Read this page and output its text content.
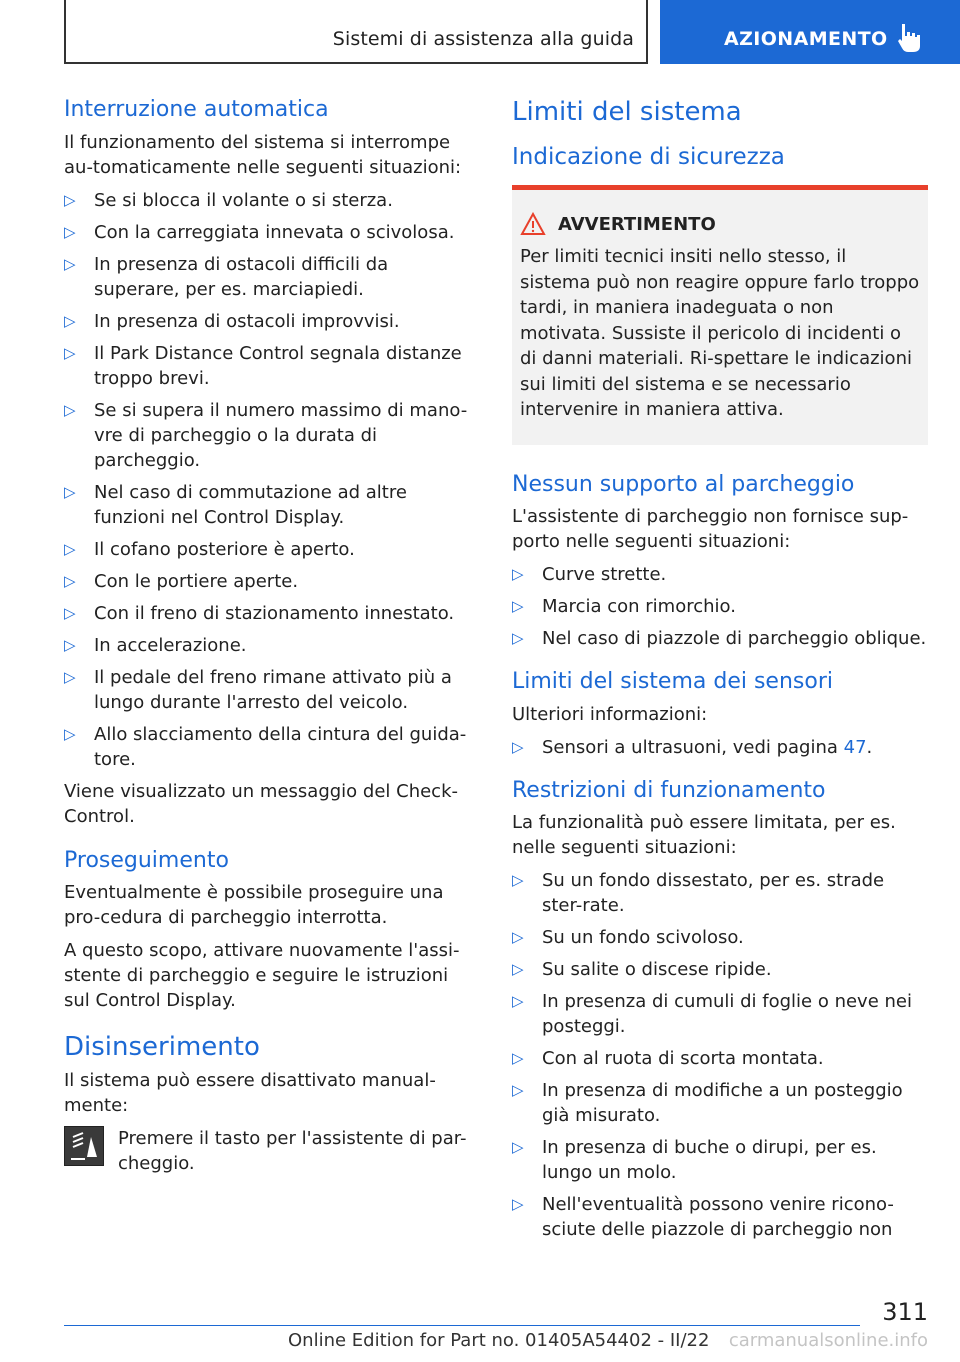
Sistemi di assistenza alla guida	AZIONAMENTO
Interruzione automatica

Il funzionamento del sistema si interrompe au-tomaticamente nelle seguenti situazioni:

▷ Se si blocca il volante o si sterza.
▷ Con la carreggiata innevata o scivolosa.
▷ In presenza di ostacoli difficili da superare, per es. marciapiedi.
▷ In presenza di ostacoli improvvisi.
▷ Il Park Distance Control segnala distanze troppo brevi.
▷ Se si supera il numero massimo di mano-vre di parcheggio o la durata di parcheggio.
▷ Nel caso di commutazione ad altre funzioni nel Control Display.
▷ Il cofano posteriore è aperto.
▷ Con le portiere aperte.
▷ Con il freno di stazionamento innestato.
▷ In accelerazione.
▷ Il pedale del freno rimane attivato più a lungo durante l'arresto del veicolo.
▷ Allo slacciamento della cintura del guida-tore.

Viene visualizzato un messaggio del Check-Control.

Proseguimento

Eventualmente è possibile proseguire una pro-cedura di parcheggio interrotta.

A questo scopo, attivare nuovamente l'assi-stente di parcheggio e seguire le istruzioni sul Control Display.

Disinserimento

Il sistema può essere disattivato manual-mente:

Premere il tasto per l'assistente di par-cheggio.

Limiti del sistema
Indicazione di sicurezza
AVVERTIMENTO

Per limiti tecnici insiti nello stesso, il sistema può non reagire oppure farlo troppo tardi, in maniera inadeguata o non motivata. Sussiste il pericolo di incidenti o di danni materiali. Ri-spettare le indicazioni sui limiti del sistema e se necessario intervenire in maniera attiva.

Nessun supporto al parcheggio

L'assistente di parcheggio non fornisce sup-porto nelle seguenti situazioni:

▷ Curve strette.
▷ Marcia con rimorchio.
▷ Nel caso di piazzole di parcheggio oblique.
Limiti del sistema dei sensori

Ulteriori informazioni:

▷ Sensori a ultrasuoni, vedi pagina 47.
Restrizioni di funzionamento

La funzionalità può essere limitata, per es. nelle seguenti situazioni:

▷ Su un fondo dissestato, per es. strade ster-rate.
▷ Su un fondo scivoloso.
▷ Su salite o discese ripide.
▷ In presenza di cumuli di foglie o neve nei posteggi.
▷ Con al ruota di scorta montata.
▷ In presenza di modifiche a un posteggio già misurato.
▷ In presenza di buche o dirupi, per es. lungo un molo.
▷ Nell'eventualità possono venire ricono-sciute delle piazzole di parcheggio non
311
Online Edition for Part no. 01405A54402 - II/22 carmanualsonline.info
